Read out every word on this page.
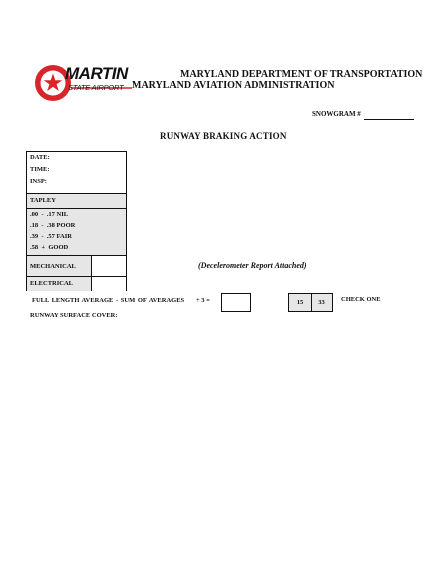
MARTIN
STATE AIRPORT
MARYLAND DEPARTMENT OF TRANSPORTATION
MARYLAND AVIATION ADMINISTRATION
SNOWGRAM #
RUNWAY BRAKING ACTION
DATE:
TIME:
INSP:
TAPLEY
.00  -  .17 NIL
.18  -  .38 POOR
.39  -  .57 FAIR
.58  +  GOOD
MECHANICAL
ELECTRICAL
(Decelerometer Report Attached)
FULL LENGTH AVERAGE - SUM OF AVERAGES ÷ 3 =	15	33	CHECK ONE
RUNWAY SURFACE COVER:
